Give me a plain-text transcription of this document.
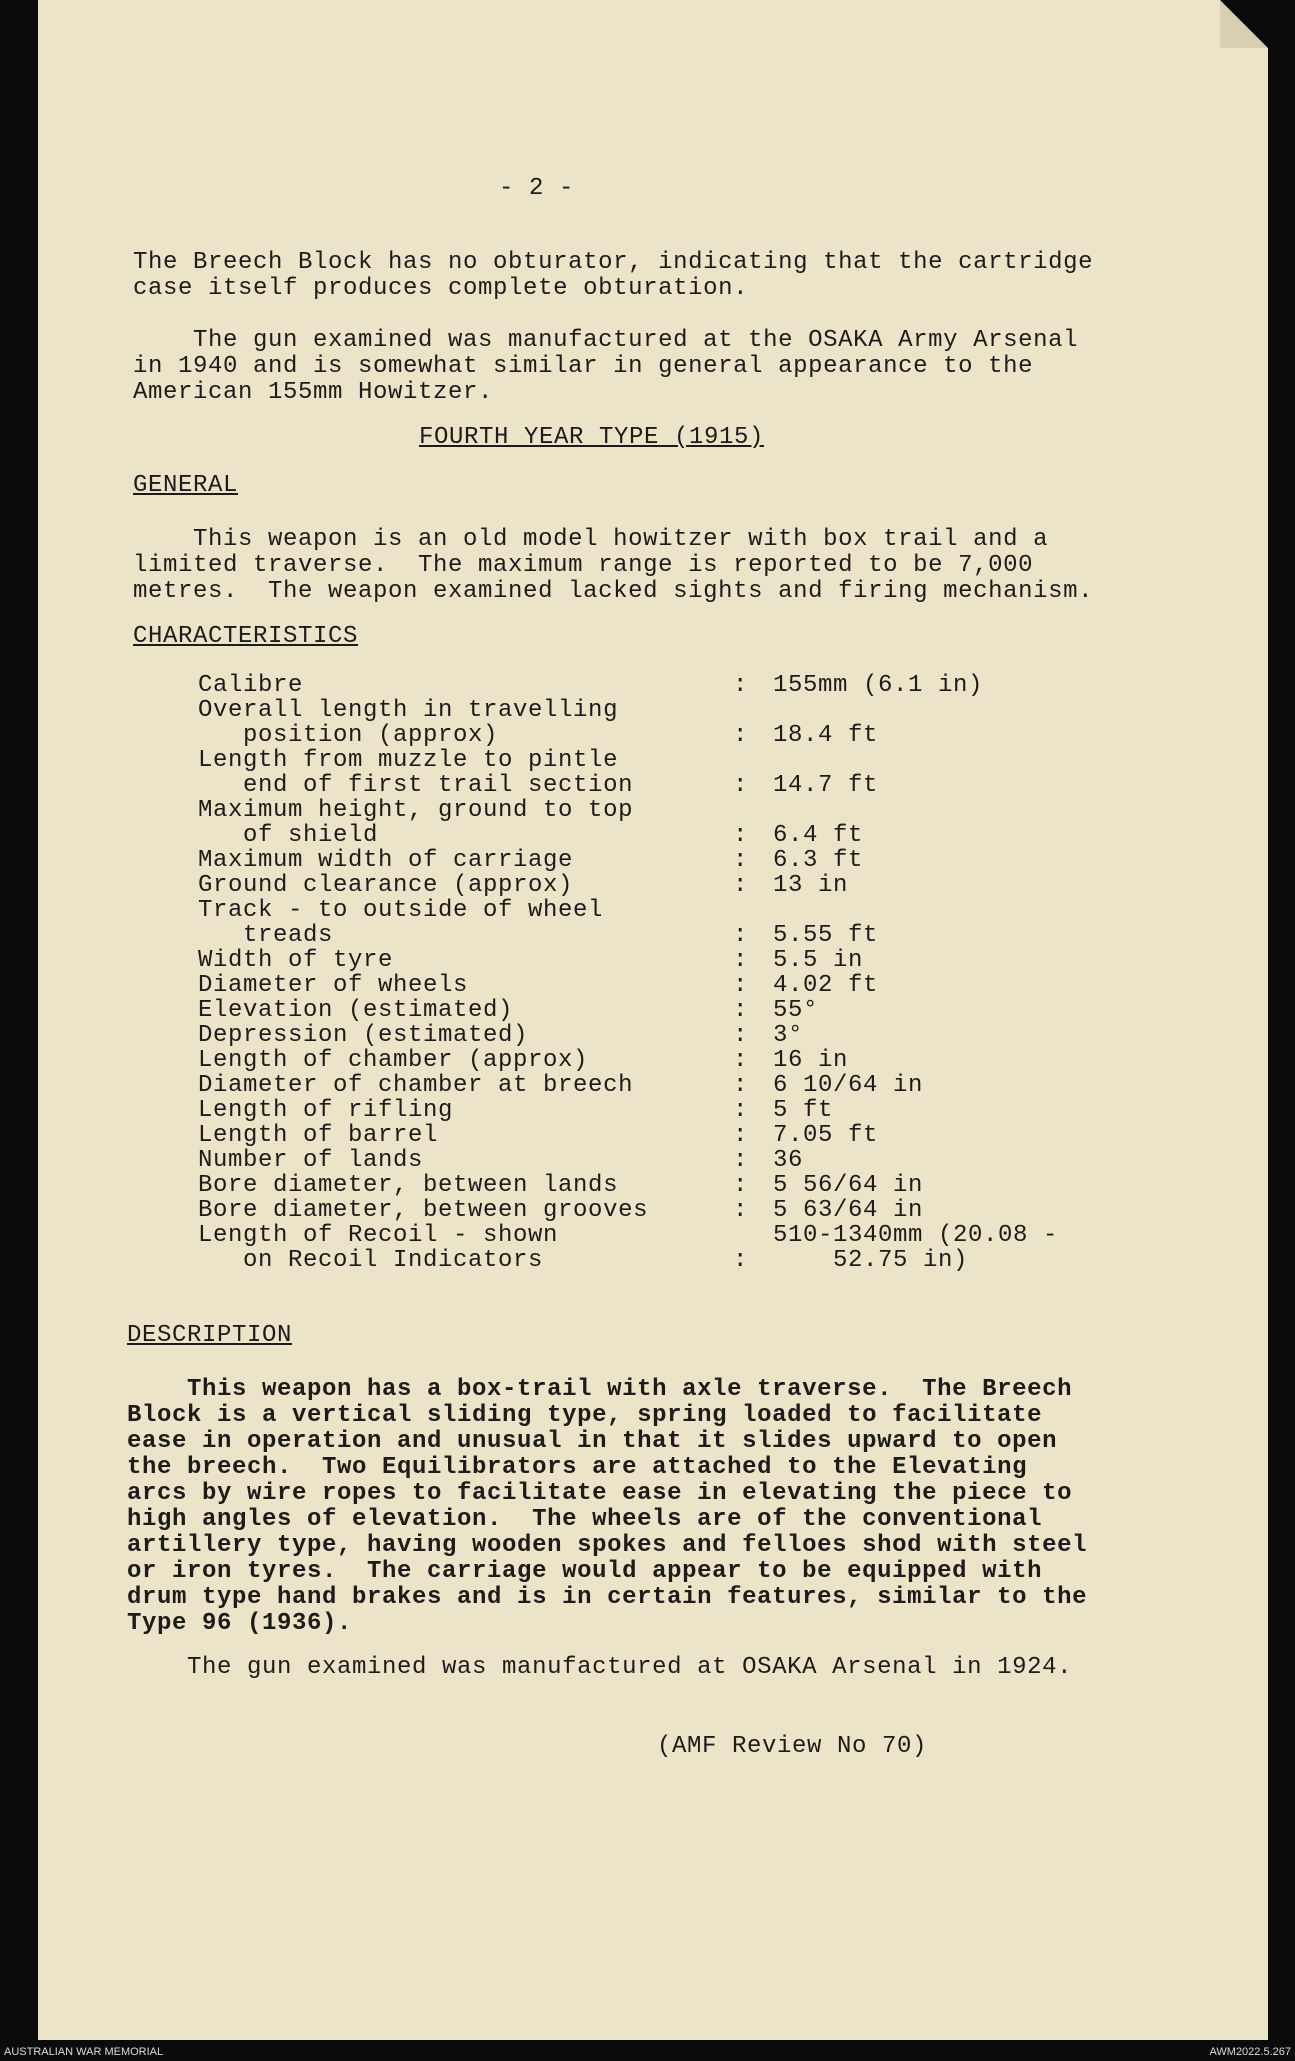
- 2 -
The Breech Block has no obturator, indicating that the cartridge
case itself produces complete obturation.
The gun examined was manufactured at the OSAKA Army Arsenal
in 1940 and is somewhat similar in general appearance to the
American 155mm Howitzer.
FOURTH YEAR TYPE (1915)
GENERAL
This weapon is an old model howitzer with box trail and a
limited traverse.  The maximum range is reported to be 7,000
metres.  The weapon examined lacked sights and firing mechanism.
CHARACTERISTICS
Calibre	:	155mm (6.1 in)
Overall length in travelling
position (approx)	:	18.4 ft
Length from muzzle to pintle
end of first trail section	:	14.7 ft
Maximum height, ground to top
of shield	:	6.4 ft
Maximum width of carriage	:	6.3 ft
Ground clearance (approx)	:	13 in
Track - to outside of wheel
treads	:	5.55 ft
Width of tyre	:	5.5 in
Diameter of wheels	:	4.02 ft
Elevation (estimated)	:	55°
Depression (estimated)	:	3°
Length of chamber (approx)	:	16 in
Diameter of chamber at breech	:	6 10/64 in
Length of rifling	:	5 ft
Length of barrel	:	7.05 ft
Number of lands	:	36
Bore diameter, between lands	:	5 56/64 in
Bore diameter, between grooves	:	5 63/64 in
Length of Recoil - shown
on Recoil Indicators	:	510-1340mm (20.08 -
52.75 in)
DESCRIPTION
This weapon has a box-trail with axle traverse.  The Breech
Block is a vertical sliding type, spring loaded to facilitate
ease in operation and unusual in that it slides upward to open
the breech.  Two Equilibrators are attached to the Elevating
arcs by wire ropes to facilitate ease in elevating the piece to
high angles of elevation.  The wheels are of the conventional
artillery type, having wooden spokes and felloes shod with steel
or iron tyres.  The carriage would appear to be equipped with
drum type hand brakes and is in certain features, similar to the
Type 96 (1936).
The gun examined was manufactured at OSAKA Arsenal in 1924.
(AMF Review No 70)
AUSTRALIAN WAR MEMORIAL	AWM2022.5.267
